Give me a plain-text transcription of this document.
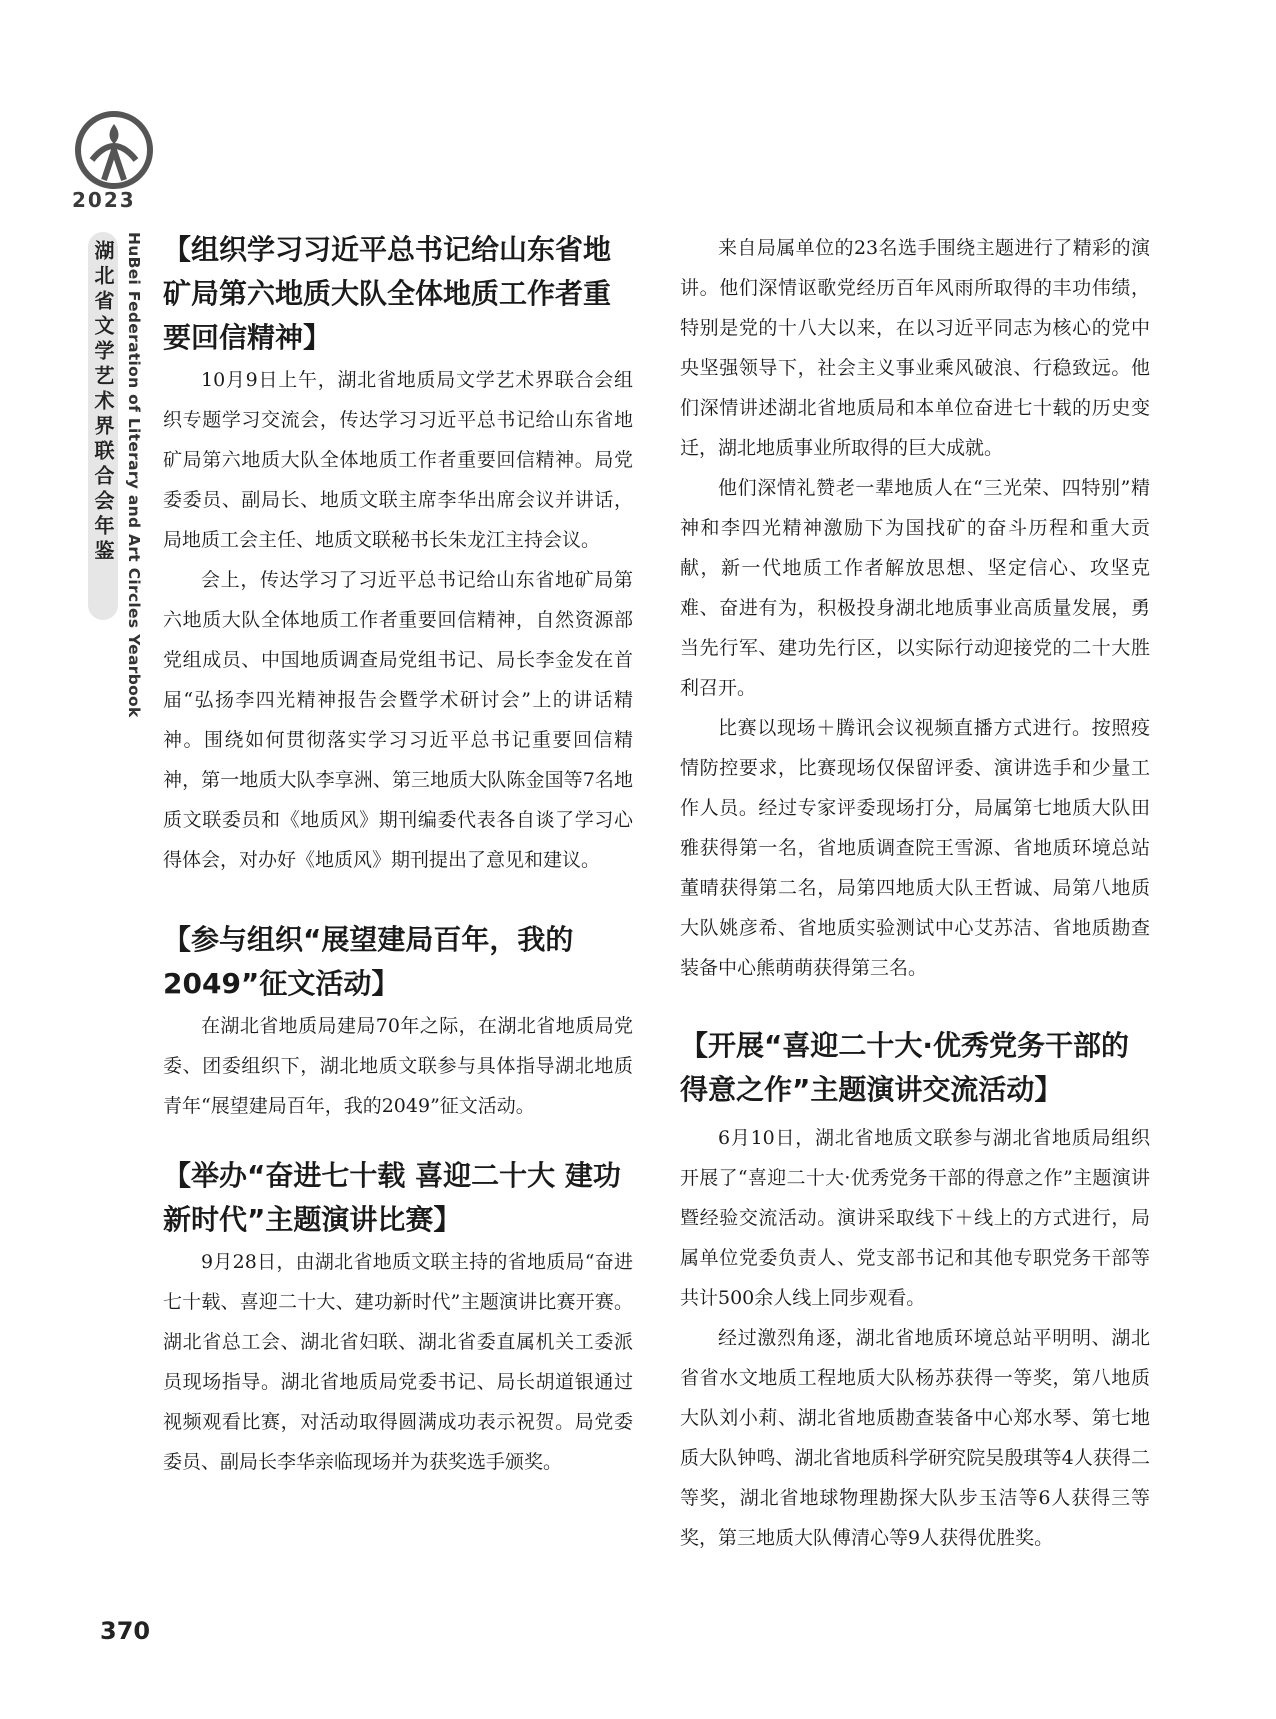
2023
湖北省文学艺术界联合会年鉴 HuBei Federation of Literary and Art Circles Yearbook 【组织学习习近平总书记给山东省地矿局第六地质大队全体地质工作者重要回信精神】

10月9日上午，湖北省地质局文学艺术界联合会组织专题学习交流会，传达学习习近平总书记给山东省地矿局第六地质大队全体地质工作者重要回信精神。局党委委员、副局长、地质文联主席李华出席会议并讲话，局地质工会主任、地质文联秘书长朱龙江主持会议。

会上，传达学习了习近平总书记给山东省地矿局第六地质大队全体地质工作者重要回信精神，自然资源部党组成员、中国地质调查局党组书记、局长李金发在首届“弘扬李四光精神报告会暨学术研讨会”上的讲话精神。围绕如何贯彻落实学习习近平总书记重要回信精神，第一地质大队李享洲、第三地质大队陈金国等7名地质文联委员和《地质风》期刊编委代表各自谈了学习心得体会，对办好《地质风》期刊提出了意见和建议。

【参与组织“展望建局百年，我的2049”征文活动】

在湖北省地质局建局70年之际，在湖北省地质局党委、团委组织下，湖北地质文联参与具体指导湖北地质青年“展望建局百年，我的2049”征文活动。

【举办“奋进七十载 喜迎二十大 建功新时代”主题演讲比赛】

9月28日，由湖北省地质文联主持的省地质局“奋进七十载、喜迎二十大、建功新时代”主题演讲比赛开赛。湖北省总工会、湖北省妇联、湖北省委直属机关工委派员现场指导。湖北省地质局党委书记、局长胡道银通过视频观看比赛，对活动取得圆满成功表示祝贺。局党委委员、副局长李华亲临现场并为获奖选手颁奖。

来自局属单位的23名选手围绕主题进行了精彩的演讲。他们深情讴歌党经历百年风雨所取得的丰功伟绩，特别是党的十八大以来，在以习近平同志为核心的党中央坚强领导下，社会主义事业乘风破浪、行稳致远。他们深情讲述湖北省地质局和本单位奋进七十载的历史变迁，湖北地质事业所取得的巨大成就。

他们深情礼赞老一辈地质人在“三光荣、四特别”精神和李四光精神激励下为国找矿的奋斗历程和重大贡献，新一代地质工作者解放思想、坚定信心、攻坚克难、奋进有为，积极投身湖北地质事业高质量发展，勇当先行军、建功先行区，以实际行动迎接党的二十大胜利召开。

比赛以现场＋腾讯会议视频直播方式进行。按照疫情防控要求，比赛现场仅保留评委、演讲选手和少量工作人员。经过专家评委现场打分，局属第七地质大队田雅获得第一名，省地质调查院王雪源、省地质环境总站董晴获得第二名，局第四地质大队王哲诚、局第八地质大队姚彦希、省地质实验测试中心艾苏洁、省地质勘查装备中心熊萌萌获得第三名。

【开展“喜迎二十大·优秀党务干部的得意之作”主题演讲交流活动】

6月10日，湖北省地质文联参与湖北省地质局组织开展了“喜迎二十大·优秀党务干部的得意之作”主题演讲暨经验交流活动。演讲采取线下＋线上的方式进行，局属单位党委负责人、党支部书记和其他专职党务干部等共计500余人线上同步观看。

经过激烈角逐，湖北省地质环境总站平明明、湖北省省水文地质工程地质大队杨苏获得一等奖，第八地质大队刘小莉、湖北省地质勘查装备中心郑水琴、第七地质大队钟鸣、湖北省地质科学研究院吴殷琪等4人获得二等奖，湖北省地球物理勘探大队步玉洁等6人获得三等奖，第三地质大队傅清心等9人获得优胜奖。

370
